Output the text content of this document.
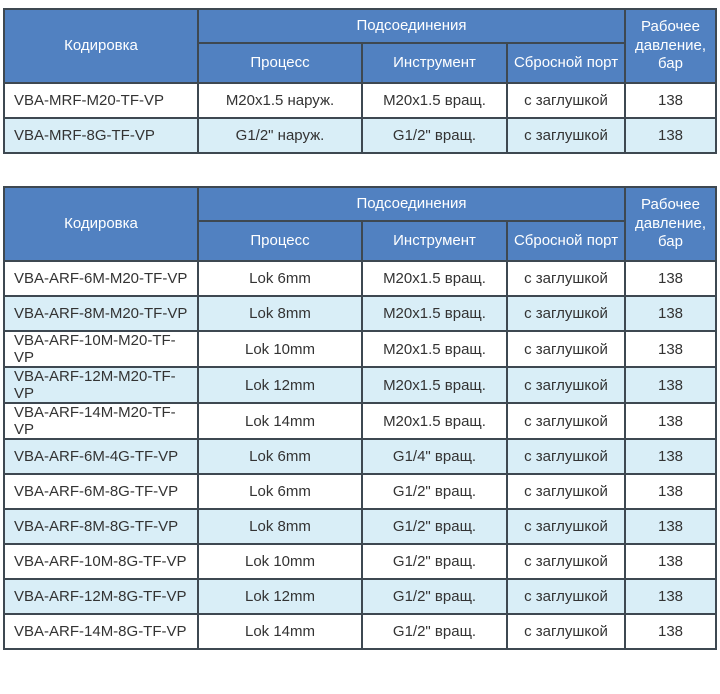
Кодировка	Подсоединения			Рабочее давление, бар
	Процесс	Инструмент	Сбросной порт	
VBA-MRF-M20-TF-VP	M20x1.5 наруж.	M20x1.5 вращ.	с заглушкой	138
VBA-MRF-8G-TF-VP	G1/2" наруж.	G1/2" вращ.	с заглушкой	138
Кодировка	Подсоединения			Рабочее давление, бар
	Процесс	Инструмент	Сбросной порт	
VBA-ARF-6M-M20-TF-VP	Lok 6mm	M20x1.5 вращ.	с заглушкой	138
VBA-ARF-8M-M20-TF-VP	Lok 8mm	M20x1.5 вращ.	с заглушкой	138
VBA-ARF-10M-M20-TF-VP	Lok 10mm	M20x1.5 вращ.	с заглушкой	138
VBA-ARF-12M-M20-TF-VP	Lok 12mm	M20x1.5 вращ.	с заглушкой	138
VBA-ARF-14M-M20-TF-VP	Lok 14mm	M20x1.5 вращ.	с заглушкой	138
VBA-ARF-6M-4G-TF-VP	Lok 6mm	G1/4" вращ.	с заглушкой	138
VBA-ARF-6M-8G-TF-VP	Lok 6mm	G1/2" вращ.	с заглушкой	138
VBA-ARF-8M-8G-TF-VP	Lok 8mm	G1/2" вращ.	с заглушкой	138
VBA-ARF-10M-8G-TF-VP	Lok 10mm	G1/2" вращ.	с заглушкой	138
VBA-ARF-12M-8G-TF-VP	Lok 12mm	G1/2" вращ.	с заглушкой	138
VBA-ARF-14M-8G-TF-VP	Lok 14mm	G1/2" вращ.	с заглушкой	138
